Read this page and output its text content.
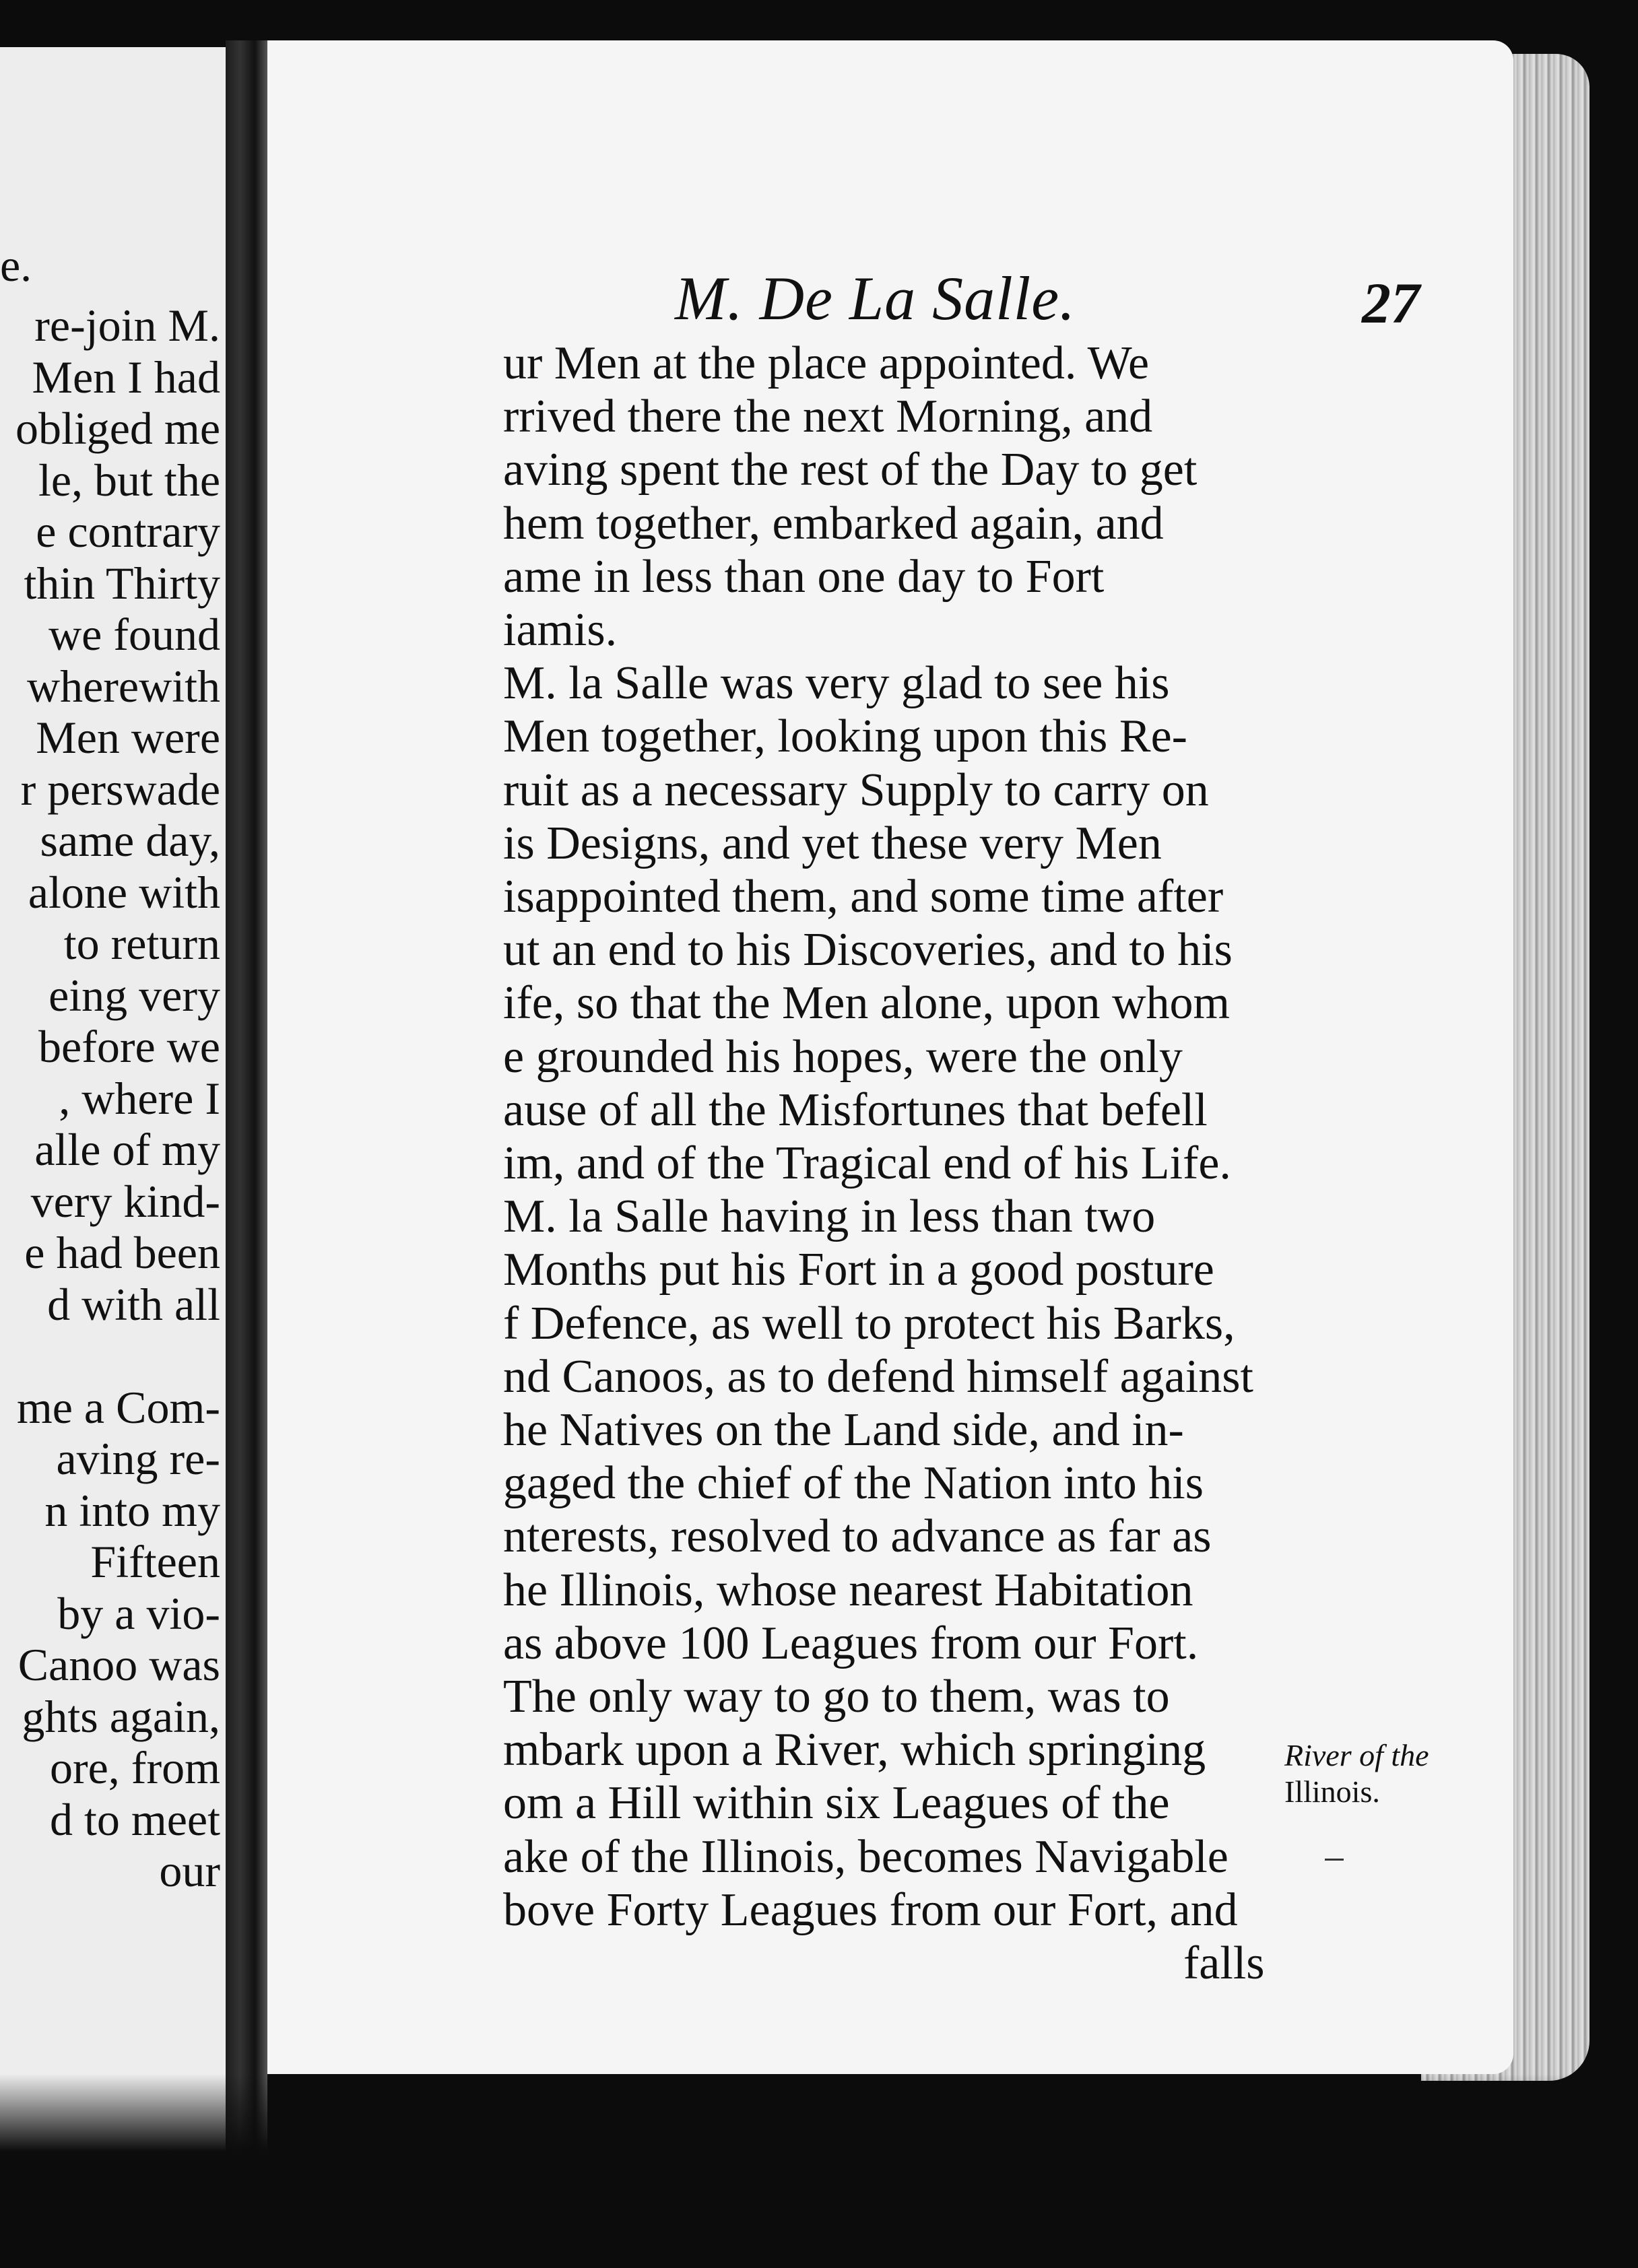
e.
re-join M.
Men I had
obliged me
le, but the
e contrary
thin Thirty
we found
wherewith
Men were
r perswade
same day,
alone with
to return
eing very
before we
, where I
alle of my
very kind-
e had been
d with all
me a Com-
aving re-
n into my
Fifteen
by a vio-
Canoo was
ghts again,
ore, from
d to meet
our
M. De La Salle.	27
ur Men at the place appointed. We
rrived there the next Morning, and
aving spent the rest of the Day to get
hem together, embarked again, and
ame in less than one day to Fort
iamis.
M. la Salle was very glad to see his
Men together, looking upon this Re-
ruit as a necessary Supply to carry on
is Designs, and yet these very Men
isappointed them, and some time after
ut an end to his Discoveries, and to his
ife, so that the Men alone, upon whom
e grounded his hopes, were the only
ause of all the Misfortunes that befell
im, and of the Tragical end of his Life.
M. la Salle having in less than two
Months put his Fort in a good posture
f Defence, as well to protect his Barks,
nd Canoos, as to defend himself against
he Natives on the Land side, and in-
gaged the chief of the Nation into his
nterests, resolved to advance as far as
he Illinois, whose nearest Habitation
as above 100 Leagues from our Fort.
The only way to go to them, was to
mbark upon a River, which springing
om a Hill within six Leagues of the
ake of the Illinois, becomes Navigable
bove Forty Leagues from our Fort, and
falls
River of the
Illinois.
